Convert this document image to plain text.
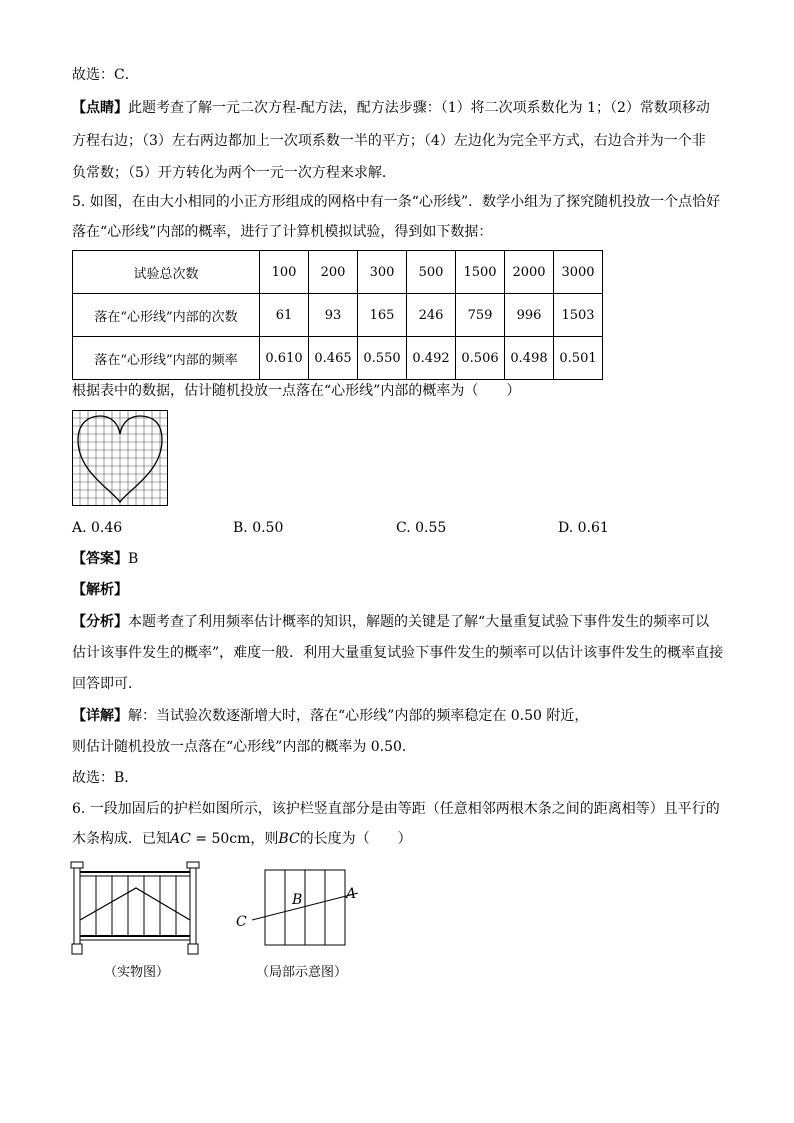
故选：C．
【点睛】此题考查了解一元二次方程-配方法，配方法步骤：（1）将二次项系数化为 1；（2）常数项移动
方程右边；（3）左右两边都加上一次项系数一半的平方；（4）左边化为完全平方式，右边合并为一个非
负常数；（5）开方转化为两个一元一次方程来求解．
5. 如图，在由大小相同的小正方形组成的网格中有一条“心形线”．数学小组为了探究随机投放一个点恰好
落在“心形线”内部的概率，进行了计算机模拟试验，得到如下数据：
试验总次数	100	200	300	500	1500	2000	3000
落在“心形线”内部的次数	61	93	165	246	759	996	1503
落在“心形线”内部的频率	0.610	0.465	0.550	0.492	0.506	0.498	0.501
根据表中的数据，估计随机投放一点落在“心形线”内部的概率为（　　）
A. 0.46	B. 0.50	C. 0.55	D. 0.61
【答案】B
【解析】
【分析】本题考查了利用频率估计概率的知识，解题的关键是了解“大量重复试验下事件发生的频率可以
估计该事件发生的概率”，难度一般．利用大量重复试验下事件发生的频率可以估计该事件发生的概率直接
回答即可．
【详解】解：当试验次数逐渐增大时，落在“心形线”内部的频率稳定在 0.50 附近，
则估计随机投放一点落在“心形线”内部的概率为 0.50．
故选：B．
6. 一段加固后的护栏如图所示，该护栏竖直部分是由等距（任意相邻两根木条之间的距离相等）且平行的
木条构成．已知AC = 50cm，则BC的长度为（　　）
A
B
C
（实物图）	（局部示意图）
